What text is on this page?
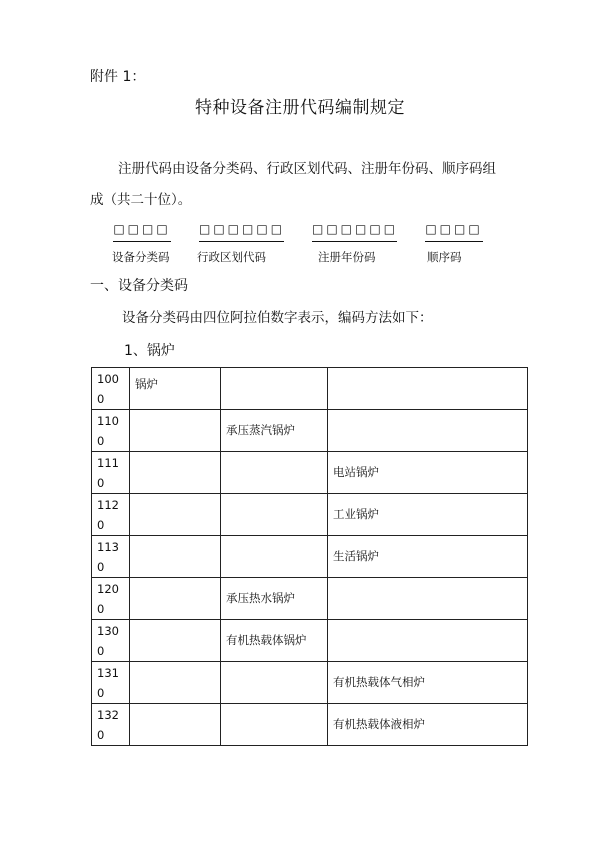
附件 1：
特种设备注册代码编制规定
注册代码由设备分类码、行政区划代码、注册年份码、顺序码组
成（共二十位）。
□□□□ □□□□□□ □□□□□□ □□□□
设备分类码 行政区划代码	注册年份码	顺序码
一、设备分类码
设备分类码由四位阿拉伯数字表示，编码方法如下：
1、锅炉
1000	锅炉		

1100		承压蒸汽锅炉	

1110			电站锅炉

1120			工业锅炉

1130			生活锅炉

1200		承压热水锅炉	

1300		有机热载体锅炉	

1310			有机热载体气相炉

1320			有机热载体液相炉
